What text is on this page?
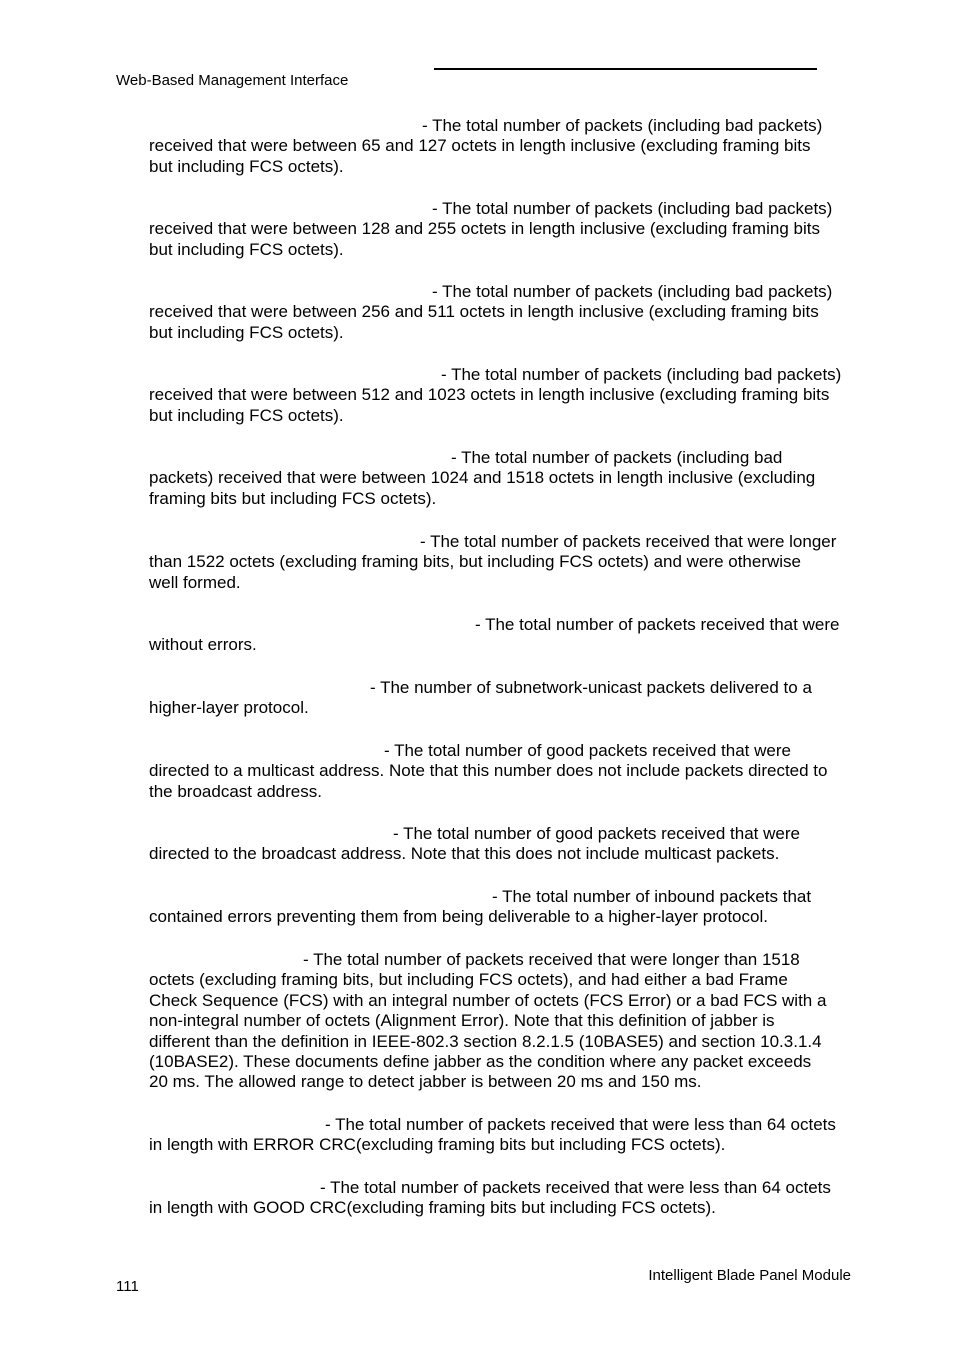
Web-Based Management Interface
- The total number of packets (including bad packets)
received that were between 65 and 127 octets in length inclusive (excluding framing bits
but including FCS octets).
- The total number of packets (including bad packets)
received that were between 128 and 255 octets in length inclusive (excluding framing bits
but including FCS octets).
- The total number of packets (including bad packets)
received that were between 256 and 511 octets in length inclusive (excluding framing bits
but including FCS octets).
- The total number of packets (including bad packets)
received that were between 512 and 1023 octets in length inclusive (excluding framing bits
but including FCS octets).
- The total number of packets (including bad
packets) received that were between 1024 and 1518 octets in length inclusive (excluding
framing bits but including FCS octets).
- The total number of packets received that were longer
than 1522 octets (excluding framing bits, but including FCS octets) and were otherwise
well formed.
- The total number of packets received that were
without errors.
- The number of subnetwork-unicast packets delivered to a
higher-layer protocol.
- The total number of good packets received that were
directed to a multicast address. Note that this number does not include packets directed to
the broadcast address.
- The total number of good packets received that were
directed to the broadcast address. Note that this does not include multicast packets.
- The total number of inbound packets that
contained errors preventing them from being deliverable to a higher-layer protocol.
- The total number of packets received that were longer than 1518
octets (excluding framing bits, but including FCS octets), and had either a bad Frame
Check Sequence (FCS) with an integral number of octets (FCS Error) or a bad FCS with a
non-integral number of octets (Alignment Error). Note that this definition of jabber is
different than the definition in IEEE-802.3 section 8.2.1.5 (10BASE5) and section 10.3.1.4
(10BASE2). These documents define jabber as the condition where any packet exceeds
20 ms. The allowed range to detect jabber is between 20 ms and 150 ms.
- The total number of packets received that were less than 64 octets
in length with ERROR CRC(excluding framing bits but including FCS octets).
- The total number of packets received that were less than 64 octets
in length with GOOD CRC(excluding framing bits but including FCS octets).
111
Intelligent Blade Panel Module
